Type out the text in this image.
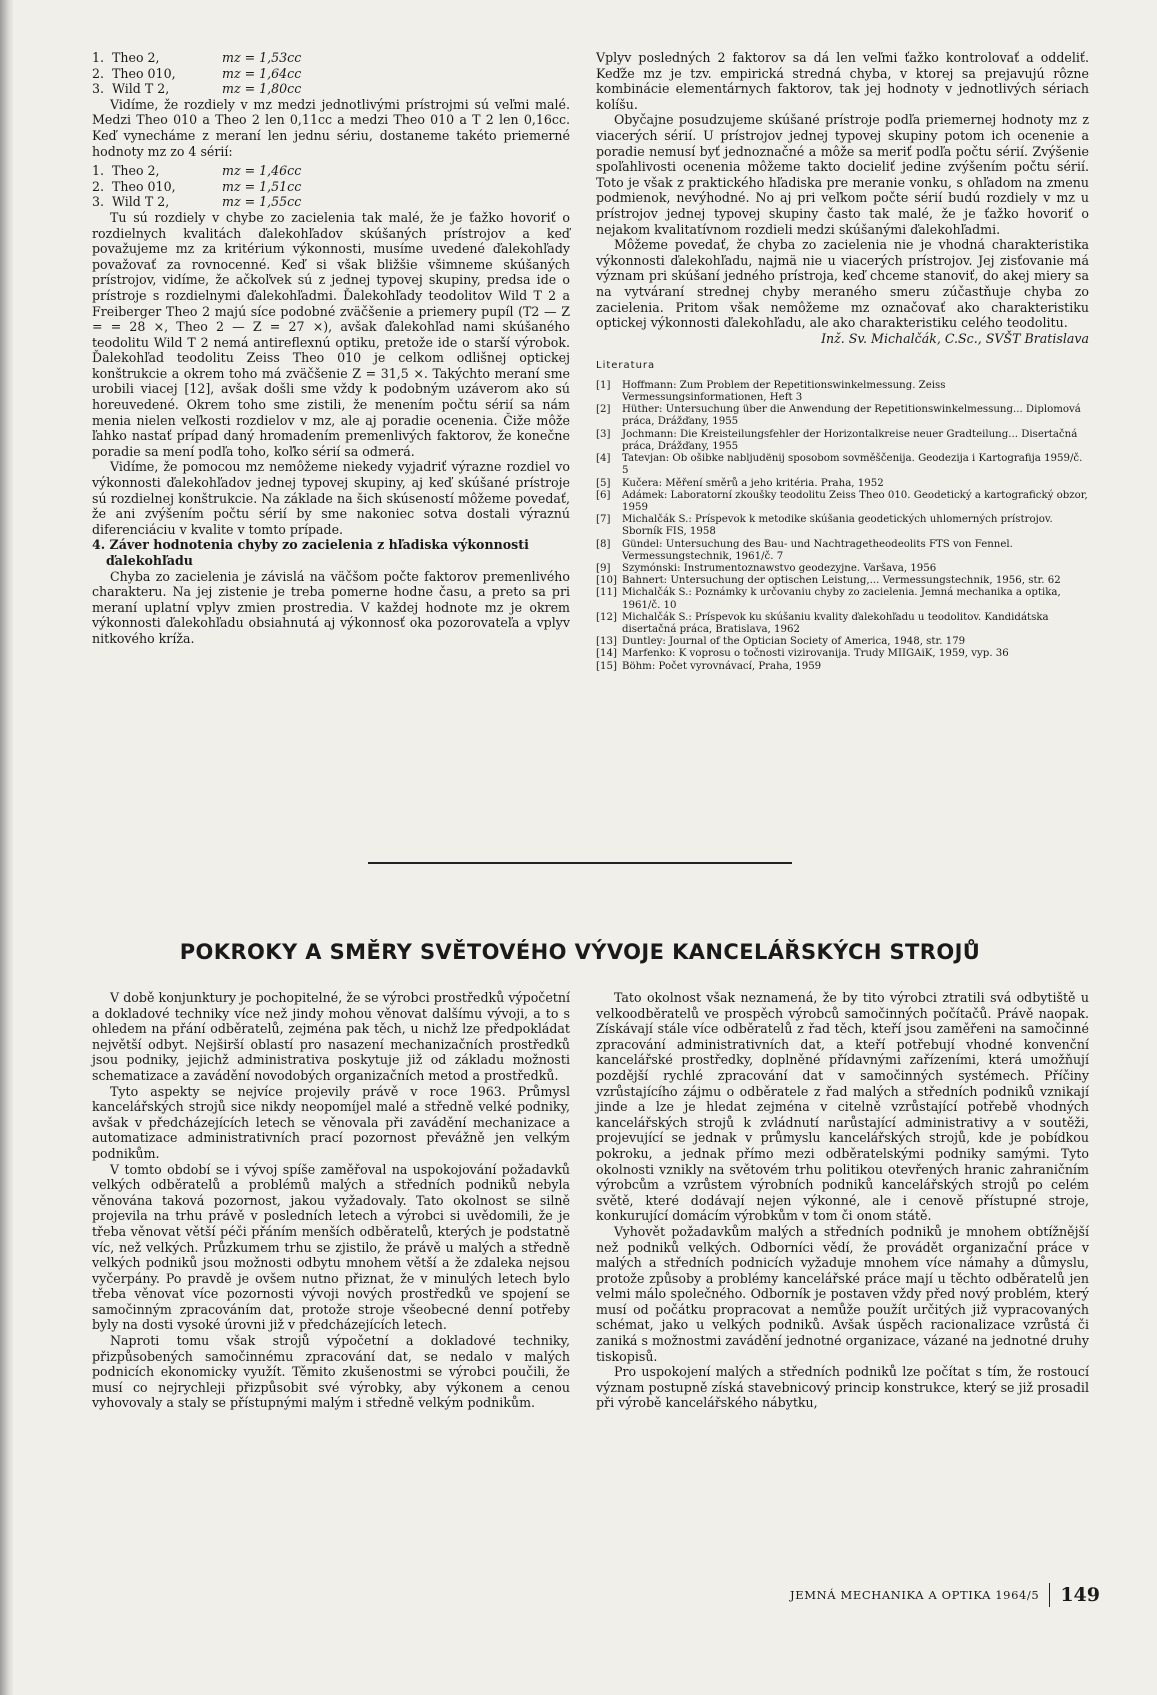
1. Theo 2,	mz = 1,53cc
2. Theo 010,	mz = 1,64cc
3. Wild T 2,	mz = 1,80cc

Vidíme, že rozdiely v mz medzi jednotlivými prístrojmi sú veľmi malé. Medzi Theo 010 a Theo 2 len 0,11cc a medzi Theo 010 a T 2 len 0,16cc. Keď vynecháme z meraní len jednu sériu, dostaneme takéto priemerné hodnoty mz zo 4 sérií:

1. Theo 2,	mz = 1,46cc
2. Theo 010,	mz = 1,51cc
3. Wild T 2,	mz = 1,55cc

Tu sú rozdiely v chybe zo zacielenia tak malé, že je ťažko hovoriť o rozdielnych kvalitách ďalekohľadov skúšaných prístrojov a keď považujeme mz za kritérium výkonnosti, musíme uvedené ďalekohľady považovať za rovnocenné. Keď si však bližšie všimneme skúšaných prístrojov, vidíme, že ačkoľvek sú z jednej typovej skupiny, predsa ide o prístroje s rozdielnymi ďalekohľadmi. Ďalekohľady teodolitov Wild T 2 a Freiberger Theo 2 majú síce podobné zväčšenie a priemery pupíl (T2 — Z = = 28 ×, Theo 2 — Z = 27 ×), avšak ďalekohľad nami skúšaného teodolitu Wild T 2 nemá antireflexnú optiku, pretože ide o starší výrobok. Ďalekohľad teodolitu Zeiss Theo 010 je celkom odlišnej optickej konštrukcie a okrem toho má zväčšenie Z = 31,5 ×. Takýchto meraní sme urobili viacej [12], avšak došli sme vždy k podobným uzáverom ako sú horeuvedené. Okrem toho sme zistili, že menením počtu sérií sa nám menia nielen veľkosti rozdielov v mz, ale aj poradie ocenenia. Čiže môže ľahko nastať prípad daný hromadením premenlivých faktorov, že konečne poradie sa mení podľa toho, koľko sérií sa odmerá.

Vidíme, že pomocou mz nemôžeme niekedy vyjadriť výrazne rozdiel vo výkonnosti ďalekohľadov jednej typovej skupiny, aj keď skúšané prístroje sú rozdielnej konštrukcie. Na základe na šich skúseností môžeme povedať, že ani zvýšením počtu sérií by sme nakoniec sotva dostali výraznú diferenciáciu v kvalite v tomto prípade.

4. Záver hodnotenia chyby zo zacielenia z hľadiska výkonnosti
ďalekohľadu

Chyba zo zacielenia je závislá na väčšom počte faktorov premenlivého charakteru. Na jej zistenie je treba pomerne hodne času, a preto sa pri meraní uplatní vplyv zmien prostredia. V každej hodnote mz je okrem výkonnosti ďalekohľadu obsiahnutá aj výkonnosť oka pozorovateľa a vplyv nitkového kríža.

Vplyv posledných 2 faktorov sa dá len veľmi ťažko kontrolovať a oddeliť. Keďže mz je tzv. empirická stredná chyba, v ktorej sa prejavujú rôzne kombinácie elementárnych faktorov, tak jej hodnoty v jednotlivých sériach kolíšu.

Obyčajne posudzujeme skúšané prístroje podľa priemernej hodnoty mz z viacerých sérií. U prístrojov jednej typovej skupiny potom ich ocenenie a poradie nemusí byť jednoznačné a môže sa meriť podľa počtu sérií. Zvýšenie spoľahlivosti ocenenia môžeme takto docieliť jedine zvýšením počtu sérií. Toto je však z praktického hľadiska pre meranie vonku, s ohľadom na zmenu podmienok, nevýhodné. No aj pri veľkom počte sérií budú rozdiely v mz u prístrojov jednej typovej skupiny často tak malé, že je ťažko hovoriť o nejakom kvalitatívnom rozdieli medzi skúšanými ďalekohľadmi.

Môžeme povedať, že chyba zo zacielenia nie je vhodná charakteristika výkonnosti ďalekohľadu, najmä nie u viacerých prístrojov. Jej zisťovanie má význam pri skúšaní jedného prístroja, keď chceme stanoviť, do akej miery sa na vytváraní strednej chyby meraného smeru zúčastňuje chyba zo zacielenia. Pritom však nemôžeme mz označovať ako charakteristiku optickej výkonnosti ďalekohľadu, ale ako charakteristiku celého teodolitu.

Inž. Sv. Michalčák, C.Sc., SVŠT Bratislava

Literatura
[1]	Hoffmann: Zum Problem der Repetitionswinkelmessung. Zeiss Vermessungsinformationen, Heft 3
[2]	Hüther: Untersuchung über die Anwendung der Repetitionswinkelmessung... Diplomová práca, Drážďany, 1955
[3]	Jochmann: Die Kreisteilungsfehler der Horizontalkreise neuer Gradteilung... Disertačná práca, Drážďany, 1955
[4]	Tatevjan: Ob ošibke nabljudënij sposobom sovměščenija. Geodezija i Kartografija 1959/č. 5
[5]	Kučera: Měření směrů a jeho kritéria. Praha, 1952
[6]	Adámek: Laboratorní zkoušky teodolitu Zeiss Theo 010. Geodetický a kartografický obzor, 1959
[7]	Michalčák S.: Príspevok k metodike skúšania geodetických uhlomerných prístrojov. Sborník FIS, 1958
[8]	Gündel: Untersuchung des Bau- und Nachtragetheodeolits FTS von Fennel. Vermessungstechnik, 1961/č. 7
[9]	Szymónski: Instrumentoznawstvo geodezyjne. Varšava, 1956
[10] Bahnert: Untersuchung der optischen Leistung,... Vermessungstechnik, 1956, str. 62
[11] Michalčák S.: Poznámky k určovaniu chyby zo zacielenia. Jemná mechanika a optika, 1961/č. 10
[12] Michalčák S.: Príspevok ku skúšaniu kvality ďalekohľadu u teodolitov. Kandidátska disertačná práca, Bratislava, 1962
[13] Duntley: Journal of the Optician Society of America, 1948, str. 179
[14] Marfenko: K voprosu o točnosti vizirovanija. Trudy MIIGAiK, 1959, vyp. 36
[15] Böhm: Počet vyrovnávací, Praha, 1959
POKROKY A SMĚRY SVĚTOVÉHO VÝVOJE KANCELÁŘSKÝCH STROJŮ

V době konjunktury je pochopitelné, že se výrobci prostředků výpočetní a dokladové techniky více než jindy mohou věnovat dalšímu vývoji, a to s ohledem na přání odběratelů, zejména pak těch, u nichž lze předpokládat největší odbyt. Nejširší oblastí pro nasazení mechanizačních prostředků jsou podniky, jejichž administrativa poskytuje již od základu možnosti schematizace a zavádění novodobých organizačních metod a prostředků.

Tyto aspekty se nejvíce projevily právě v roce 1963. Průmysl kancelářských strojů sice nikdy neopomíjel malé a středně velké podniky, avšak v předcházejících letech se věnovala při zavádění mechanizace a automatizace administrativních prací pozornost převážně jen velkým podnikům.

V tomto období se i vývoj spíše zaměřoval na uspokojování požadavků velkých odběratelů a problémů malých a středních podniků nebyla věnována taková pozornost, jakou vyžadovaly. Tato okolnost se silně projevila na trhu právě v posledních letech a výrobci si uvědomili, že je třeba věnovat větší péči přáním menších odběratelů, kterých je podstatně víc, než velkých. Průzkumem trhu se zjistilo, že právě u malých a středně velkých podniků jsou možnosti odbytu mnohem větší a že zdaleka nejsou vyčerpány. Po pravdě je ovšem nutno přiznat, že v minulých letech bylo třeba věnovat více pozornosti vývoji nových prostředků ve spojení se samočinným zpracováním dat, protože stroje všeobecné denní potřeby byly na dosti vysoké úrovni již v předcházejících letech.

Naproti tomu však strojů výpočetní a dokladové techniky, přizpůsobených samočinnému zpracování dat, se nedalo v malých podnicích ekonomicky využít. Těmito zkušenostmi se výrobci poučili, že musí co nejrychleji přizpůsobit své výrobky, aby výkonem a cenou vyhovovaly a staly se přístupnými malým i středně velkým podnikům.

Tato okolnost však neznamená, že by tito výrobci ztratili svá odbytiště u velkoodběratelů ve prospěch výrobců samočinných počítačů. Právě naopak. Získávají stále více odběratelů z řad těch, kteří jsou zaměřeni na samočinné zpracování administrativních dat, a kteří potřebují vhodné konvenční kancelářské prostředky, doplněné přídavnými zařízeními, která umožňují pozdější rychlé zpracování dat v samočinných systémech. Příčiny vzrůstajícího zájmu o odběratele z řad malých a středních podniků vznikají jinde a lze je hledat zejména v citelně vzrůstající potřebě vhodných kancelářských strojů k zvládnutí narůstající administrativy a v soutěži, projevující se jednak v průmyslu kancelářských strojů, kde je pobídkou pokroku, a jednak přímo mezi odběratelskými podniky samými. Tyto okolnosti vznikly na světovém trhu politikou otevřených hranic zahraničním výrobcům a vzrůstem výrobních podniků kancelářských strojů po celém světě, které dodávají nejen výkonné, ale i cenově přístupné stroje, konkurující domácím výrobkům v tom či onom státě.

Vyhovět požadavkům malých a středních podniků je mnohem obtížnější než podniků velkých. Odborníci vědí, že provádět organizační práce v malých a středních podnicích vyžaduje mnohem více námahy a důmyslu, protože způsoby a problémy kancelářské práce mají u těchto odběratelů jen velmi málo společného. Odborník je postaven vždy před nový problém, který musí od počátku propracovat a nemůže použít určitých již vypracovaných schémat, jako u velkých podniků. Avšak úspěch racionalizace vzrůstá či zaniká s možnostmi zavádění jednotné organizace, vázané na jednotné druhy tiskopisů.

Pro uspokojení malých a středních podniků lze počítat s tím, že rostoucí význam postupně získá stavebnicový princip konstrukce, který se již prosadil při výrobě kancelářského nábytku,

JEMNÁ MECHANIKA A OPTIKA 1964/5 149
